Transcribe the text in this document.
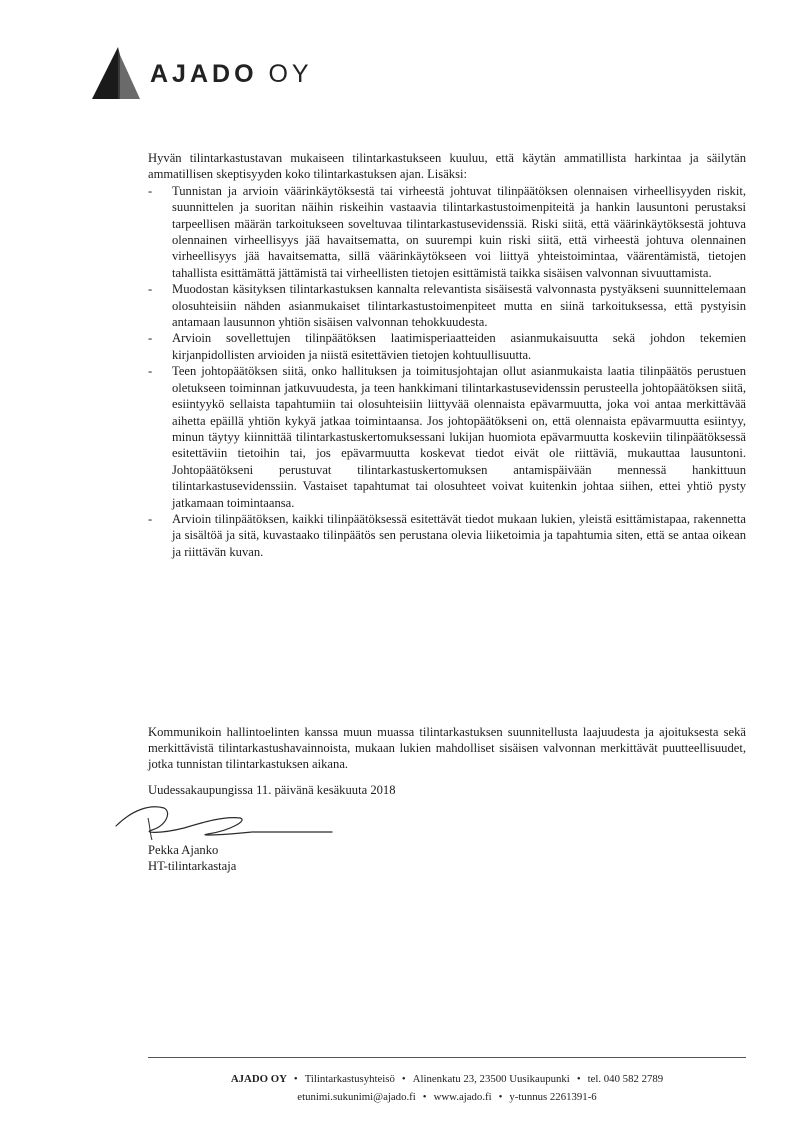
AJADO OY

Hyvän tilintarkastustavan mukaiseen tilintarkastukseen kuuluu, että käytän ammatillista harkintaa ja säilytän ammatillisen skeptisyyden koko tilintarkastuksen ajan. Lisäksi:

- Tunnistan ja arvioin väärinkäytöksestä tai virheestä johtuvat tilinpäätöksen olennaisen virheellisyyden riskit, suunnittelen ja suoritan näihin riskeihin vastaavia tilintarkastustoimenpiteitä ja hankin lausuntoni perustaksi tarpeellisen määrän tarkoitukseen soveltuvaa tilintarkastusevidenssiä. Riski siitä, että väärinkäytöksestä johtuva olennainen virheellisyys jää havaitsematta, on suurempi kuin riski siitä, että virheestä johtuva olennainen virheellisyys jää havaitsematta, sillä väärinkäytökseen voi liittyä yhteistoimintaa, väärentämistä, tietojen tahallista esittämättä jättämistä tai virheellisten tietojen esittämistä taikka sisäisen valvonnan sivuuttamista.
- Muodostan käsityksen tilintarkastuksen kannalta relevantista sisäisestä valvonnasta pystyäkseni suunnittelemaan olosuhteisiin nähden asianmukaiset tilintarkastustoimenpiteet mutta en siinä tarkoituksessa, että pystyisin antamaan lausunnon yhtiön sisäisen valvonnan tehokkuudesta.
- Arvioin sovellettujen tilinpäätöksen laatimisperiaatteiden asianmukaisuutta sekä johdon tekemien kirjanpidollisten arvioiden ja niistä esitettävien tietojen kohtuullisuutta.
- Teen johtopäätöksen siitä, onko hallituksen ja toimitusjohtajan ollut asianmukaista laatia tilinpäätös perustuen oletukseen toiminnan jatkuvuudesta, ja teen hankkimani tilintarkastusevidenssin perusteella johtopäätöksen siitä, esiintyykö sellaista tapahtumiin tai olosuhteisiin liittyvää olennaista epävarmuutta, joka voi antaa merkittävää aihetta epäillä yhtiön kykyä jatkaa toimintaansa. Jos johtopäätökseni on, että olennaista epävarmuutta esiintyy, minun täytyy kiinnittää tilintarkastuskertomuksessani lukijan huomiota epävarmuutta koskeviin tilinpäätöksessä esitettäviin tietoihin tai, jos epävarmuutta koskevat tiedot eivät ole riittäviä, mukauttaa lausuntoni. Johtopäätökseni perustuvat tilintarkastuskertomuksen antamispäivään mennessä hankittuun tilintarkastusevidenssiin. Vastaiset tapahtumat tai olosuhteet voivat kuitenkin johtaa siihen, ettei yhtiö pysty jatkamaan toimintaansa.
- Arvioin tilinpäätöksen, kaikki tilinpäätöksessä esitettävät tiedot mukaan lukien, yleistä esittämistapaa, rakennetta ja sisältöä ja sitä, kuvastaako tilinpäätös sen perustana olevia liiketoimia ja tapahtumia siten, että se antaa oikean ja riittävän kuvan.

Kommunikoin hallintoelinten kanssa muun muassa tilintarkastuksen suunnitellusta laajuudesta ja ajoituksesta sekä merkittävistä tilintarkastushavainnoista, mukaan lukien mahdolliset sisäisen valvonnan merkittävät puutteellisuudet, jotka tunnistan tilintarkastuksen aikana.

Uudessakaupungissa 11. päivänä kesäkuuta 2018
Pekka Ajanko
HT-tilintarkastaja
AJADO OY • Tilintarkastusyhteisö • Alinenkatu 23, 23500 Uusikaupunki • tel. 040 582 2789
etunimi.sukunimi@ajado.fi • www.ajado.fi • y-tunnus 2261391-6
